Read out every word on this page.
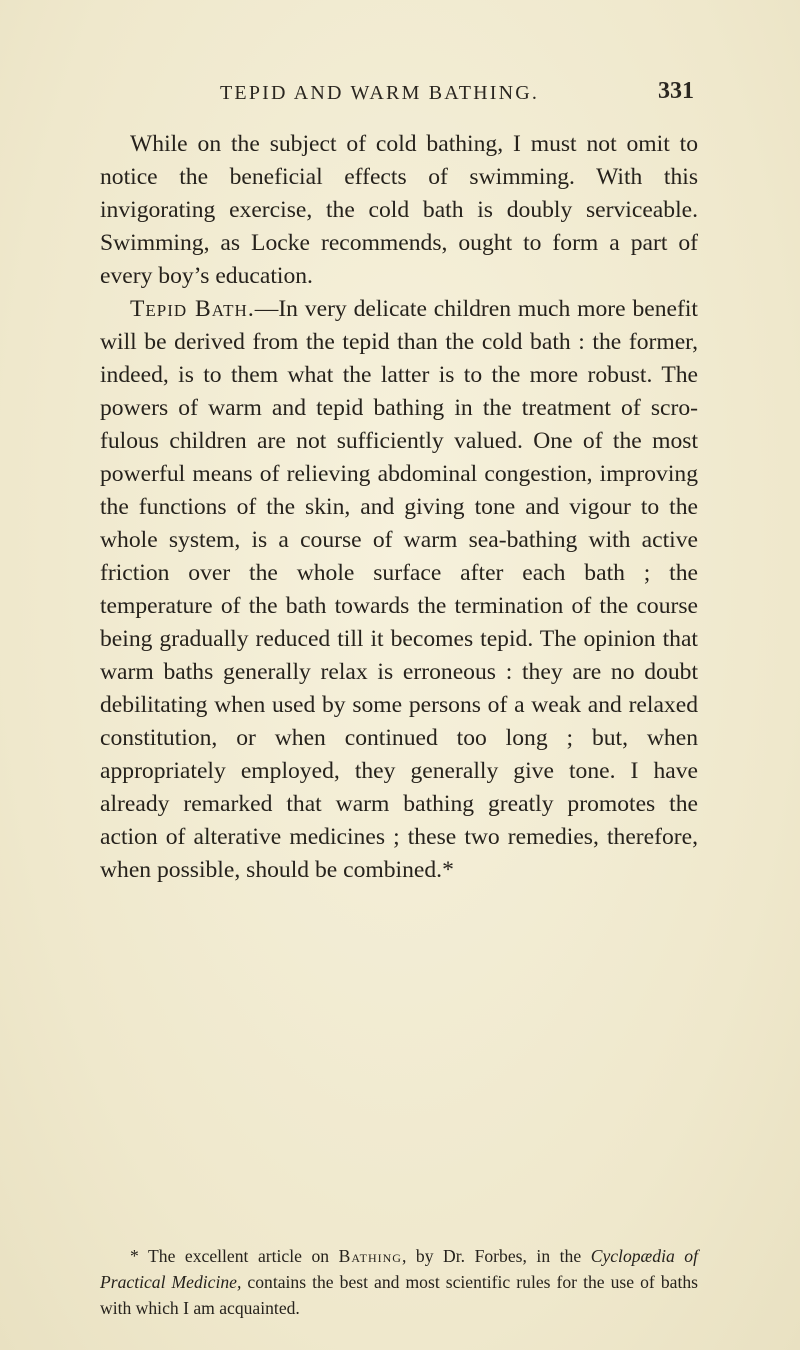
TEPID AND WARM BATHING.	331

While on the subject of cold bathing, I must not omit to notice the beneficial effects of swimming. With this invigorating exercise, the cold bath is doubly serviceable. Swimming, as Locke recommends, ought to form a part of every boy’s education.

Tepid Bath.—In very delicate children much more benefit will be derived from the tepid than the cold bath : the former, indeed, is to them what the latter is to the more robust. The powers of warm and tepid bathing in the treatment of scrofulous children are not sufficiently valued. One of the most powerful means of relieving abdominal congestion, improving the functions of the skin, and giving tone and vigour to the whole system, is a course of warm sea-bathing with active friction over the whole surface after each bath ; the temperature of the bath towards the termination of the course being gradually reduced till it becomes tepid. The opinion that warm baths generally relax is erroneous : they are no doubt debilitating when used by some persons of a weak and relaxed constitution, or when continued too long ; but, when appropriately employed, they generally give tone. I have already remarked that warm bathing greatly promotes the action of alterative medicines ; these two remedies, therefore, when possible, should be combined.*

* The excellent article on Bathing, by Dr. Forbes, in the Cyclopædia of Practical Medicine, contains the best and most scientific rules for the use of baths with which I am acquainted.
